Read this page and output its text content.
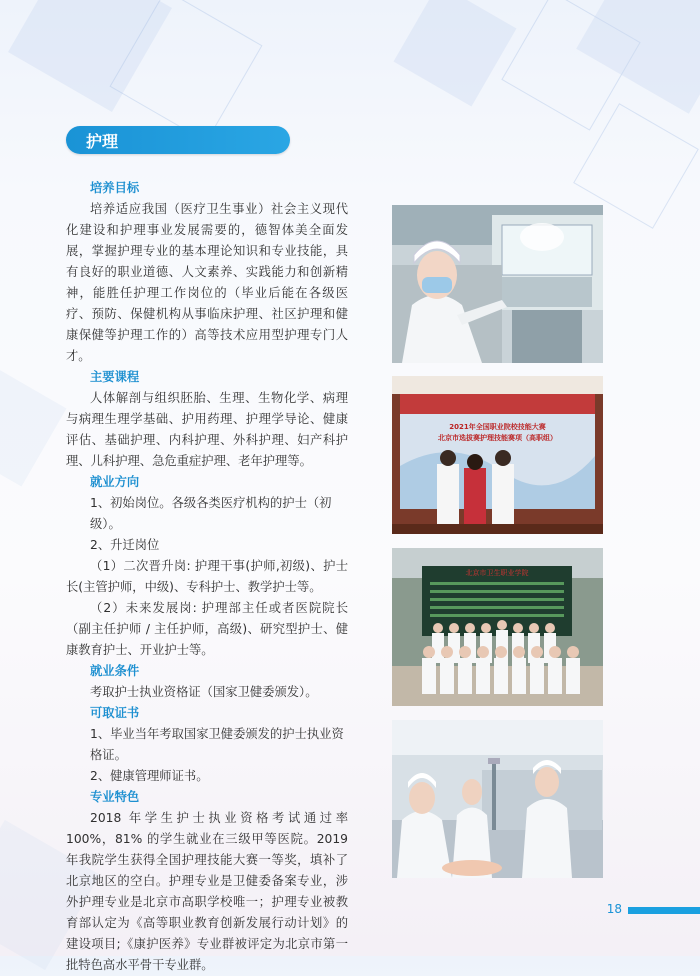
护理

培养目标

培养适应我国（医疗卫生事业）社会主义现代化建设和护理事业发展需要的，德智体美全面发展，掌握护理专业的基本理论知识和专业技能，具有良好的职业道德、人文素养、实践能力和创新精神，能胜任护理工作岗位的（毕业后能在各级医疗、预防、保健机构从事临床护理、社区护理和健康保健等护理工作的）高等技术应用型护理专门人才。

主要课程

人体解剖与组织胚胎、生理、生物化学、病理与病理生理学基础、护用药理、护理学导论、健康评估、基础护理、内科护理、外科护理、妇产科护理、儿科护理、急危重症护理、老年护理等。

就业方向

1、初始岗位。各级各类医疗机构的护士（初级）。

2、升迁岗位

（1）二次晋升岗: 护理干事(护师,初级)、护士长(主管护师，中级)、专科护士、教学护士等。

（2）未来发展岗: 护理部主任或者医院院长（副主任护师 / 主任护师，高级)、研究型护士、健康教育护士、开业护士等。

就业条件

考取护士执业资格证（国家卫健委颁发）。

可取证书

1、毕业当年考取国家卫健委颁发的护士执业资格证。

2、健康管理师证书。

专业特色

2018 年学生护士执业资格考试通过率 100%，81% 的学生就业在三级甲等医院。2019 年我院学生获得全国护理技能大赛一等奖，填补了北京地区的空白。护理专业是卫健委备案专业，涉外护理专业是北京市高职学校唯一；护理专业被教育部认定为《高等职业教育创新发展行动计划》的建设项目;《康护医养》专业群被评定为北京市第一批特色高水平骨干专业群。

2021年全国职业院校技能大赛
北京市选拔赛护理技能赛项（高职组）
北京市卫生职业学院
18
